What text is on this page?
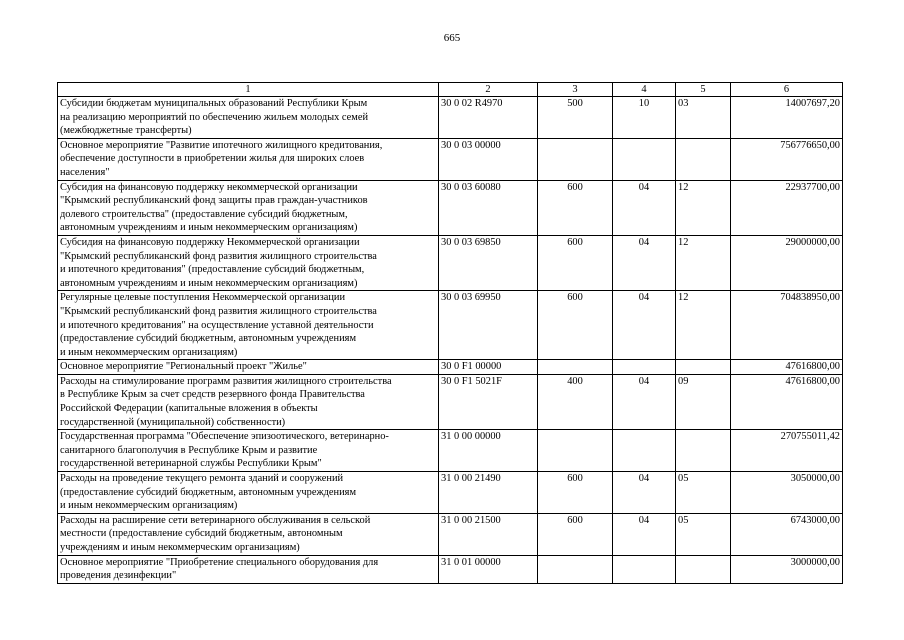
665
1	2	3	4	5	6
Субсидии бюджетам муниципальных образований Республики Крым
на реализацию мероприятий по обеспечению жильем молодых семей
(межбюджетные трансферты)	30 0 02 R4970	500	10	03	14007697,20
Основное мероприятие "Развитие ипотечного жилищного кредитования,
обеспечение доступности в приобретении жилья для широких слоев
населения"	30 0 03 00000				756776650,00
Субсидия на финансовую поддержку некоммерческой организации
"Крымский республиканский фонд защиты прав граждан-участников
долевого строительства" (предоставление субсидий бюджетным,
автономным учреждениям и иным некоммерческим организациям)	30 0 03 60080	600	04	12	22937700,00
Субсидия на финансовую поддержку Некоммерческой организации
"Крымский республиканский фонд развития жилищного строительства
и ипотечного кредитования" (предоставление субсидий бюджетным,
автономным учреждениям и иным некоммерческим организациям)	30 0 03 69850	600	04	12	29000000,00
Регулярные целевые поступления Некоммерческой организации
"Крымский республиканский фонд развития жилищного строительства
и ипотечного кредитования" на осуществление уставной деятельности
(предоставление субсидий бюджетным, автономным учреждениям
и иным некоммерческим организациям)	30 0 03 69950	600	04	12	704838950,00
Основное мероприятие "Региональный проект "Жилье"	30 0 F1 00000				47616800,00
Расходы на стимулирование программ развития жилищного строительства
в Республике Крым за счет средств резервного фонда Правительства
Российской Федерации (капитальные вложения в объекты
государственной (муниципальной) собственности)	30 0 F1 5021F	400	04	09	47616800,00
Государственная программа "Обеспечение эпизоотического, ветеринарно-
санитарного благополучия в Республике Крым и развитие
государственной ветеринарной службы Республики Крым"	31 0 00 00000				270755011,42
Расходы на проведение текущего ремонта зданий и сооружений
(предоставление субсидий бюджетным, автономным учреждениям
и иным некоммерческим организациям)	31 0 00 21490	600	04	05	3050000,00
Расходы на расширение сети ветеринарного обслуживания в сельской
местности (предоставление субсидий бюджетным, автономным
учреждениям и иным некоммерческим организациям)	31 0 00 21500	600	04	05	6743000,00
Основное мероприятие "Приобретение специального оборудования для
проведения дезинфекции"	31 0 01 00000				3000000,00
